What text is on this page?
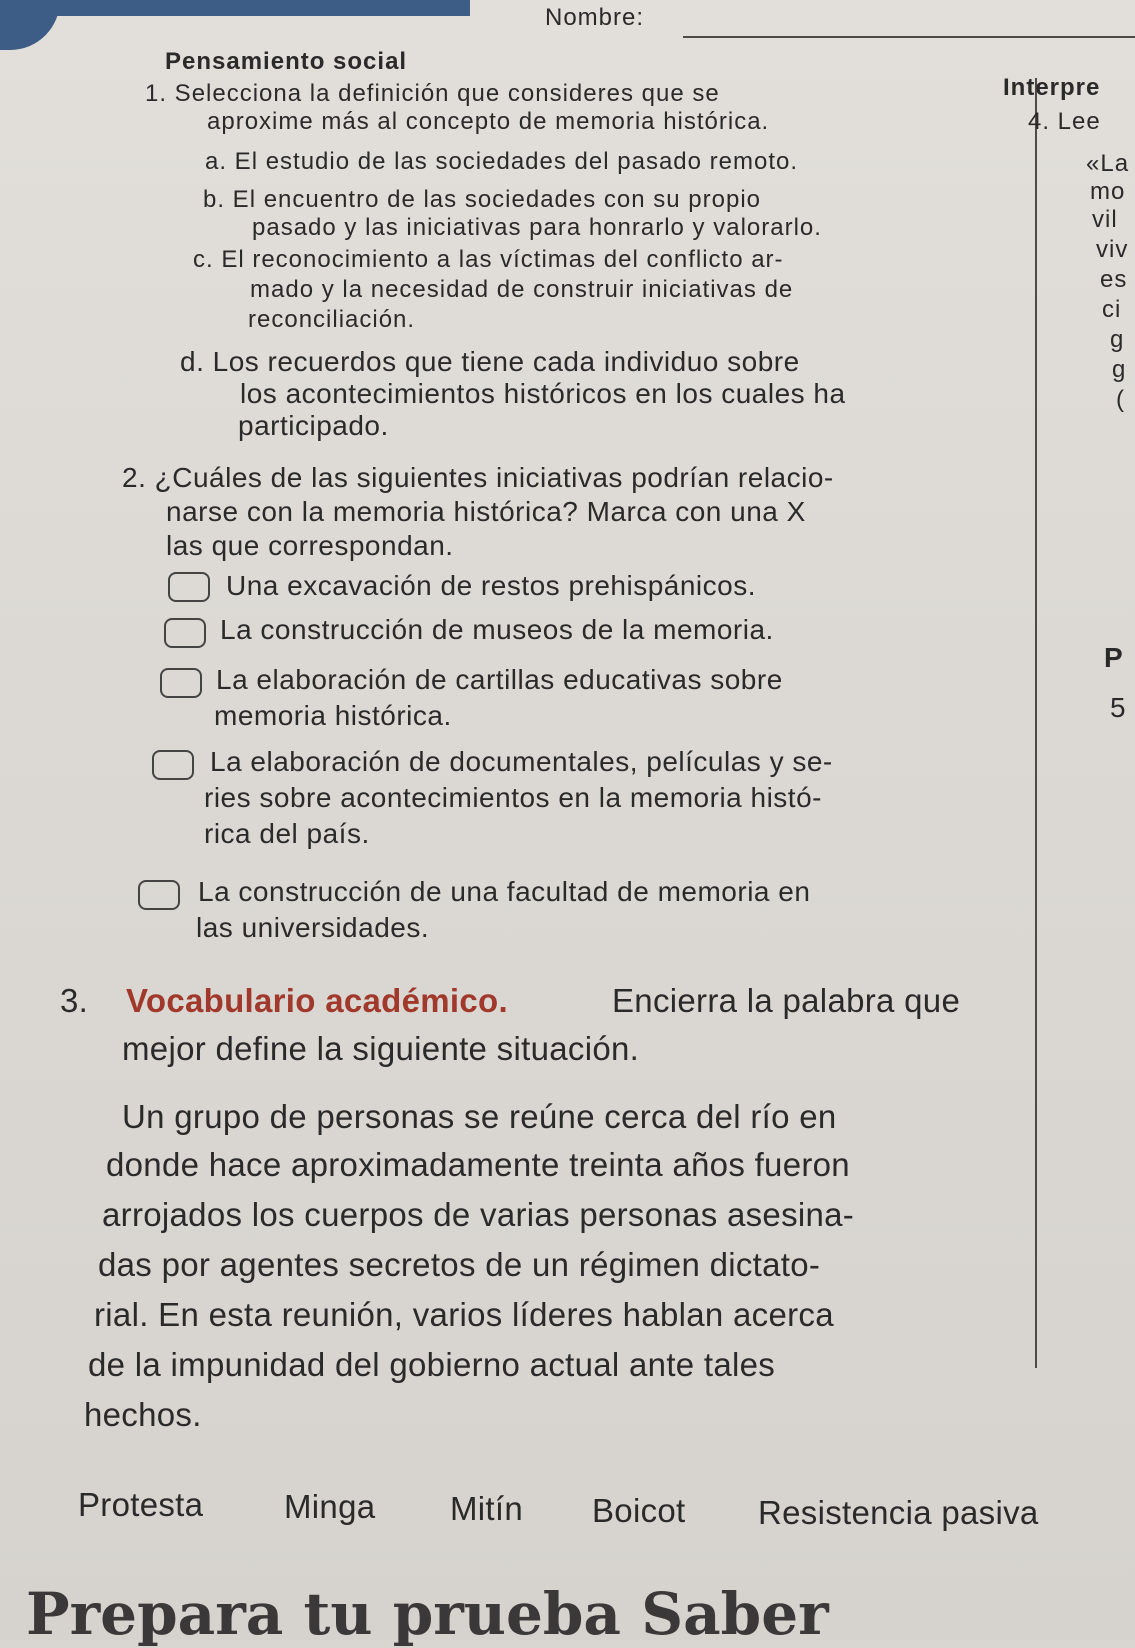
Nombre:
Pensamiento social
Interpre
4. Lee
«La
mo
vil
viv
es
ci
g
g
(
P
5
1. Selecciona la definición que consideres que se
aproxime más al concepto de memoria histórica.
a. El estudio de las sociedades del pasado remoto.
b. El encuentro de las sociedades con su propio
pasado y las iniciativas para honrarlo y valorarlo.
c. El reconocimiento a las víctimas del conflicto ar-
mado y la necesidad de construir iniciativas de
reconciliación.
d. Los recuerdos que tiene cada individuo sobre
los acontecimientos históricos en los cuales ha
participado.
2. ¿Cuáles de las siguientes iniciativas podrían relacio-
narse con la memoria histórica? Marca con una X
las que correspondan.
Una excavación de restos prehispánicos.
La construcción de museos de la memoria.
La elaboración de cartillas educativas sobre
memoria histórica.
La elaboración de documentales, películas y se-
ries sobre acontecimientos en la memoria histó-
rica del país.
La construcción de una facultad de memoria en
las universidades.
3. Vocabulario académico.	Encierra la palabra que
mejor define la siguiente situación.
Un grupo de personas se reúne cerca del río en
donde hace aproximadamente treinta años fueron
arrojados los cuerpos de varias personas asesina-
das por agentes secretos de un régimen dictato-
rial. En esta reunión, varios líderes hablan acerca
de la impunidad del gobierno actual ante tales
hechos.
Protesta Minga Mitín Boicot Resistencia pasiva
Prepara tu prueba Saber
